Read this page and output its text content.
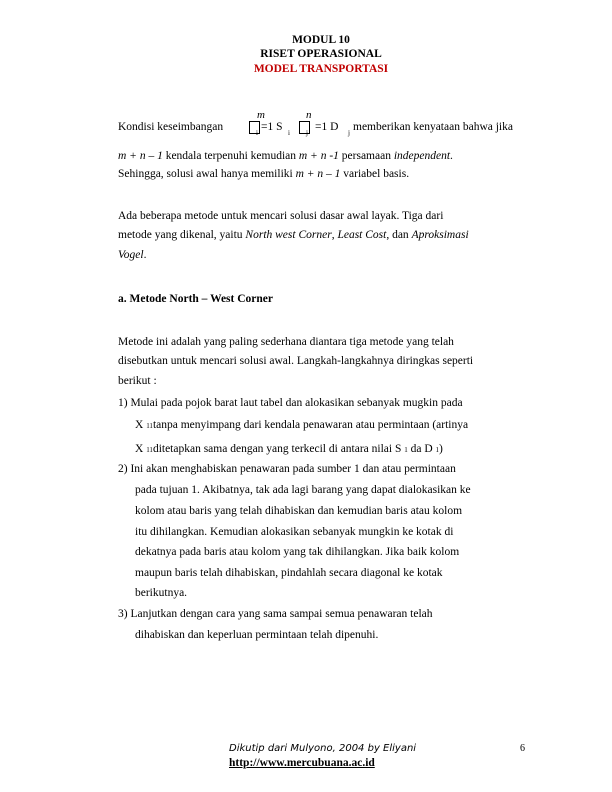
MODUL 10
RISET OPERASIONAL
MODEL TRANSPORTASI
Kondisi keseimbangan
m
i =1 S i
n
j =1 D j memberikan kenyataan bahwa jika
m + n – 1 kendala terpenuhi kemudian m + n -1 persamaan independent.
Sehingga, solusi awal hanya memiliki m + n – 1 variabel basis.
Ada beberapa metode untuk mencari solusi dasar awal layak. Tiga dari
metode yang dikenal, yaitu North west Corner, Least Cost, dan Aproksimasi
Vogel.
a. Metode North – West Corner
Metode ini adalah yang paling sederhana diantara tiga metode yang telah
disebutkan untuk mencari solusi awal. Langkah-langkahnya diringkas seperti
berikut :
1) Mulai pada pojok barat laut tabel dan alokasikan sebanyak mugkin pada
X 11tanpa menyimpang dari kendala penawaran atau permintaan (artinya
X 11ditetapkan sama dengan yang terkecil di antara nilai S 1 da D 1)
2) Ini akan menghabiskan penawaran pada sumber 1 dan atau permintaan
pada tujuan 1. Akibatnya, tak ada lagi barang yang dapat dialokasikan ke
kolom atau baris yang telah dihabiskan dan kemudian baris atau kolom
itu dihilangkan. Kemudian alokasikan sebanyak mungkin ke kotak di
dekatnya pada baris atau kolom yang tak dihilangkan. Jika baik kolom
maupun baris telah dihabiskan, pindahlah secara diagonal ke kotak
berikutnya.
3) Lanjutkan dengan cara yang sama sampai semua penawaran telah
dihabiskan dan keperluan permintaan telah dipenuhi.
Dikutip dari Mulyono, 2004 by Eliyani
http://www.mercubuana.ac.id
6
